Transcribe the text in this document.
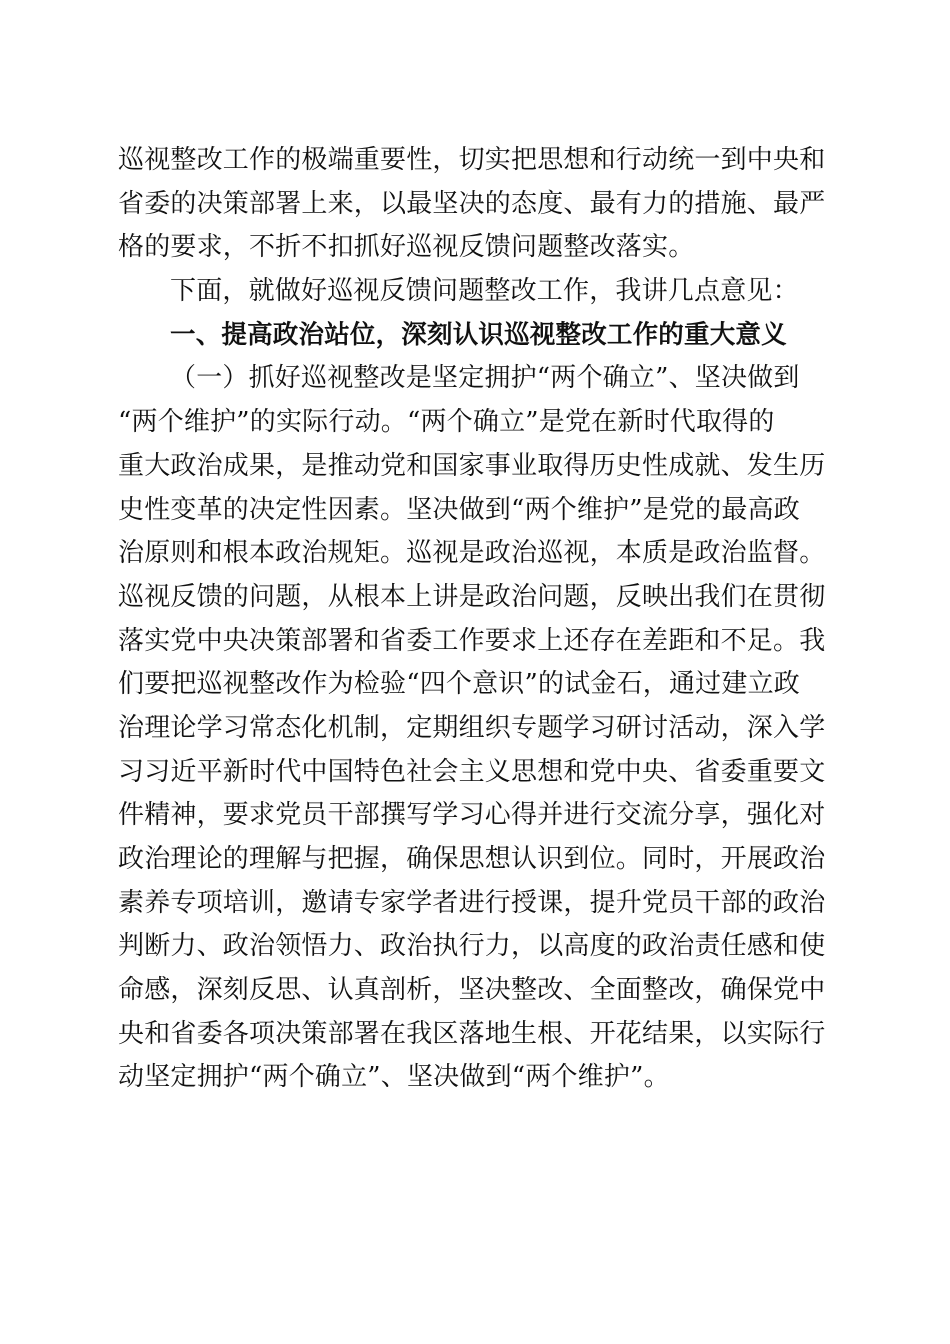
巡视整改工作的极端重要性，切实把思想和行动统一到中央和
省委的决策部署上来，以最坚决的态度、最有力的措施、最严
格的要求，不折不扣抓好巡视反馈问题整改落实。
下面，就做好巡视反馈问题整改工作，我讲几点意见：
一、提高政治站位，深刻认识巡视整改工作的重大意义
（一）抓好巡视整改是坚定拥护“两个确立”、坚决做到
“两个维护”的实际行动。“两个确立”是党在新时代取得的
重大政治成果，是推动党和国家事业取得历史性成就、发生历
史性变革的决定性因素。坚决做到“两个维护”是党的最高政
治原则和根本政治规矩。巡视是政治巡视，本质是政治监督。
巡视反馈的问题，从根本上讲是政治问题，反映出我们在贯彻
落实党中央决策部署和省委工作要求上还存在差距和不足。我
们要把巡视整改作为检验“四个意识”的试金石，通过建立政
治理论学习常态化机制，定期组织专题学习研讨活动，深入学
习习近平新时代中国特色社会主义思想和党中央、省委重要文
件精神，要求党员干部撰写学习心得并进行交流分享，强化对
政治理论的理解与把握，确保思想认识到位。同时，开展政治
素养专项培训，邀请专家学者进行授课，提升党员干部的政治
判断力、政治领悟力、政治执行力，以高度的政治责任感和使
命感，深刻反思、认真剖析，坚决整改、全面整改，确保党中
央和省委各项决策部署在我区落地生根、开花结果，以实际行
动坚定拥护“两个确立”、坚决做到“两个维护”。
